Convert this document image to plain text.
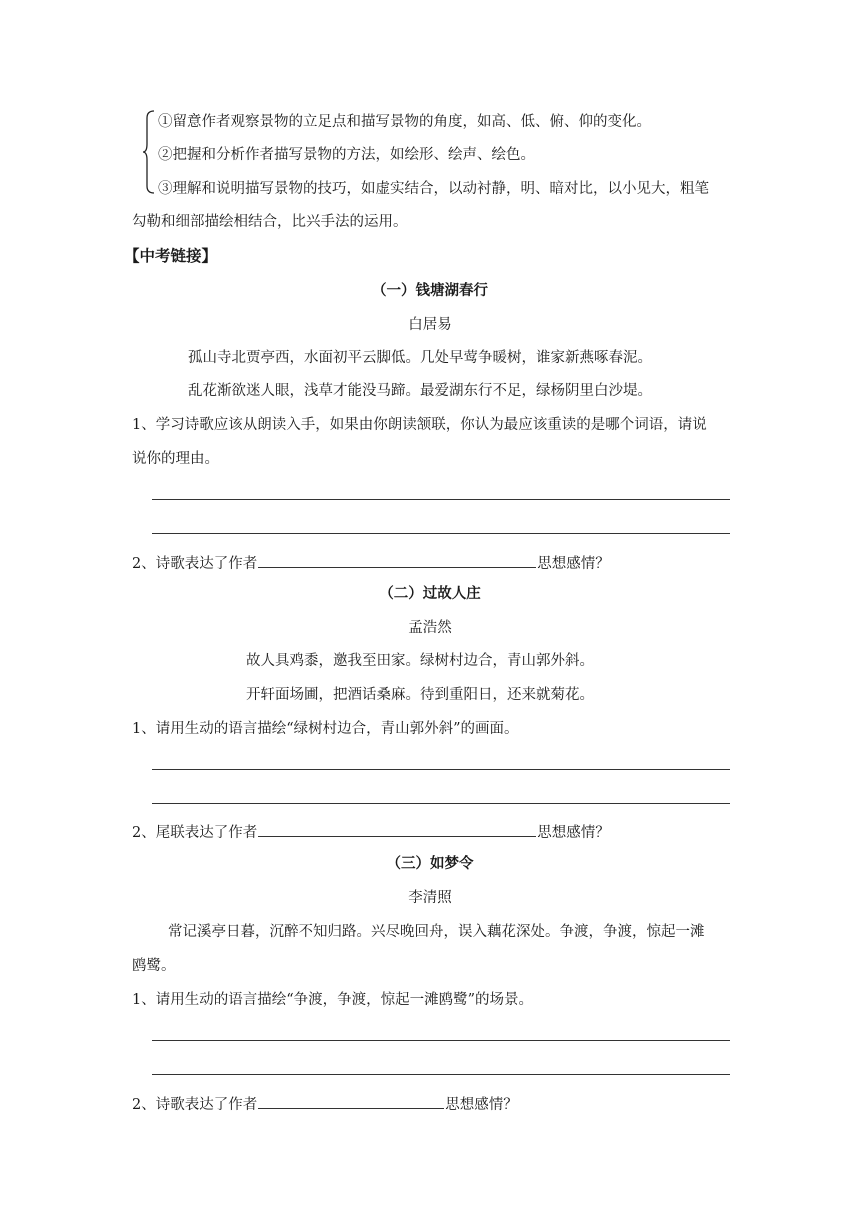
①留意作者观察景物的立足点和描写景物的角度，如高、低、俯、仰的变化。
②把握和分析作者描写景物的方法，如绘形、绘声、绘色。
③理解和说明描写景物的技巧，如虚实结合，以动衬静，明、暗对比，以小见大，粗笔
勾勒和细部描绘相结合，比兴手法的运用。
【中考链接】
（一）钱塘湖春行
白居易
孤山寺北贾亭西，水面初平云脚低。几处早莺争暖树，谁家新燕啄春泥。
乱花渐欲迷人眼，浅草才能没马蹄。最爱湖东行不足，绿杨阴里白沙堤。
1、学习诗歌应该从朗读入手，如果由你朗读颔联，你认为最应该重读的是哪个词语，请说
说你的理由。
2、诗歌表达了作者	思想感情？
（二）过故人庄
孟浩然
故人具鸡黍，邀我至田家。绿树村边合，青山郭外斜。
开轩面场圃，把酒话桑麻。待到重阳日，还来就菊花。
1、请用生动的语言描绘“绿树村边合，青山郭外斜”的画面。
2、尾联表达了作者	思想感情？
（三）如梦令
李清照
常记溪亭日暮，沉醉不知归路。兴尽晚回舟，误入藕花深处。争渡，争渡，惊起一滩
鸥鹭。
1、请用生动的语言描绘“争渡，争渡，惊起一滩鸥鹭”的场景。
2、诗歌表达了作者	思想感情？
